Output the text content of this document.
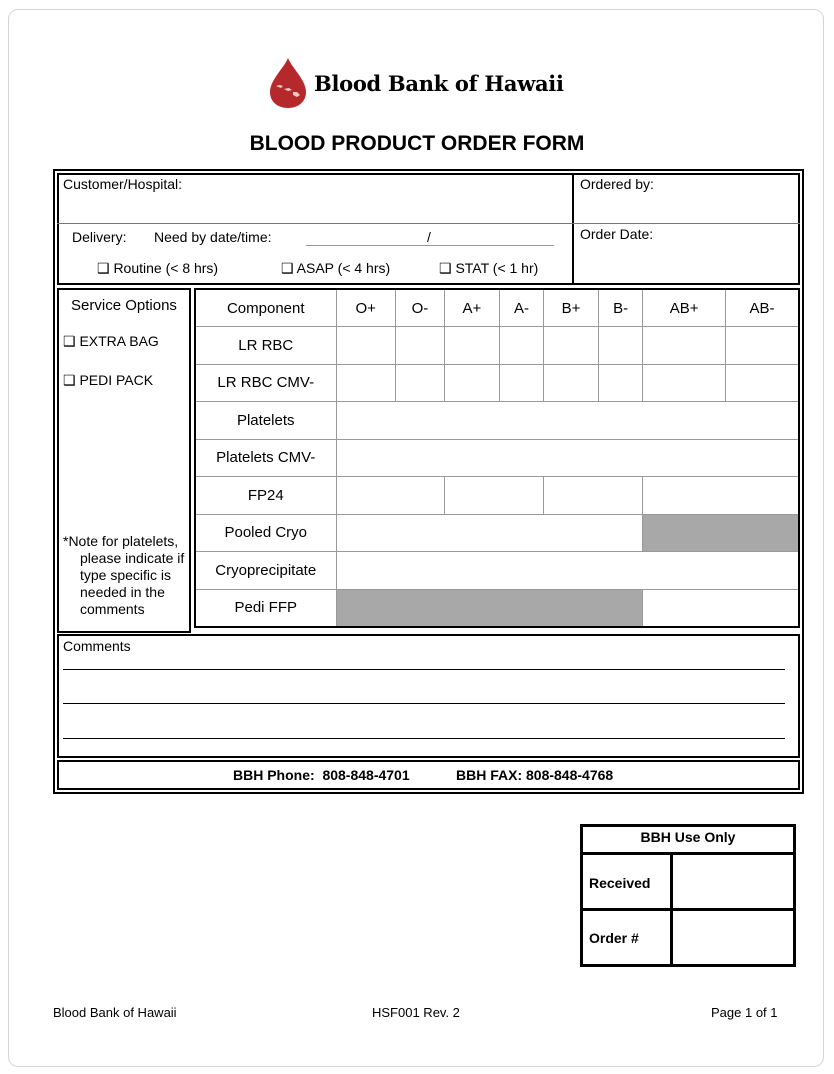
Blood Bank of Hawaii
BLOOD PRODUCT ORDER FORM
Customer/Hospital:	Ordered by:
Delivery: Need by date/time:	/	Order Date:
❑ Routine (< 8 hrs)	❑ ASAP (< 4 hrs)	❑ STAT (< 1 hr)
Service Options
❑ EXTRA BAG
❑ PEDI PACK
*Note for platelets,
please indicate if type specific is needed in the comments
Component	O+	O-	A+	A-	B+	B-	AB+	AB-
LR RBC								
LR RBC CMV-								
Platelets								
Platelets CMV-								
FP24								
Pooled Cryo								
Cryoprecipitate								
Pedi FFP								
Comments
BBH Phone:  808-848-4701	BBH FAX: 808-848-4768
BBH Use Only
Received
Order #
Blood Bank of Hawaii	HSF001 Rev. 2	Page 1 of 1
